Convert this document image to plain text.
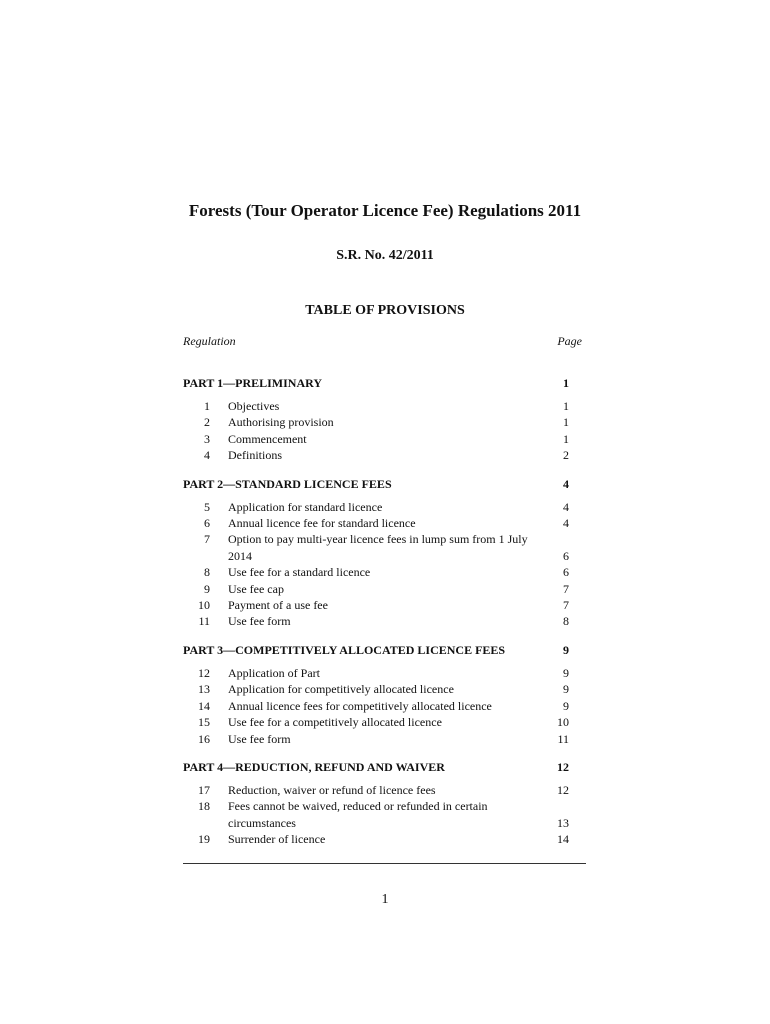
Forests (Tour Operator Licence Fee) Regulations 2011
S.R. No. 42/2011
TABLE OF PROVISIONS
Regulation	Page
PART 1—PRELIMINARY	1
1 Objectives	1
2 Authorising provision	1
3 Commencement	1
4 Definitions	2
PART 2—STANDARD LICENCE FEES	4
5 Application for standard licence	4
6 Annual licence fee for standard licence	4
7 Option to pay multi-year licence fees in lump sum from 1 July 2014	6
8 Use fee for a standard licence	6
9 Use fee cap	7
10 Payment of a use fee	7
11 Use fee form	8
PART 3—COMPETITIVELY ALLOCATED LICENCE FEES	9
12 Application of Part	9
13 Application for competitively allocated licence	9
14 Annual licence fees for competitively allocated licence	9
15 Use fee for a competitively allocated licence	10
16 Use fee form	11
PART 4—REDUCTION, REFUND AND WAIVER	12
17 Reduction, waiver or refund of licence fees	12
18 Fees cannot be waived, reduced or refunded in certain circumstances	13
19 Surrender of licence	14
1
